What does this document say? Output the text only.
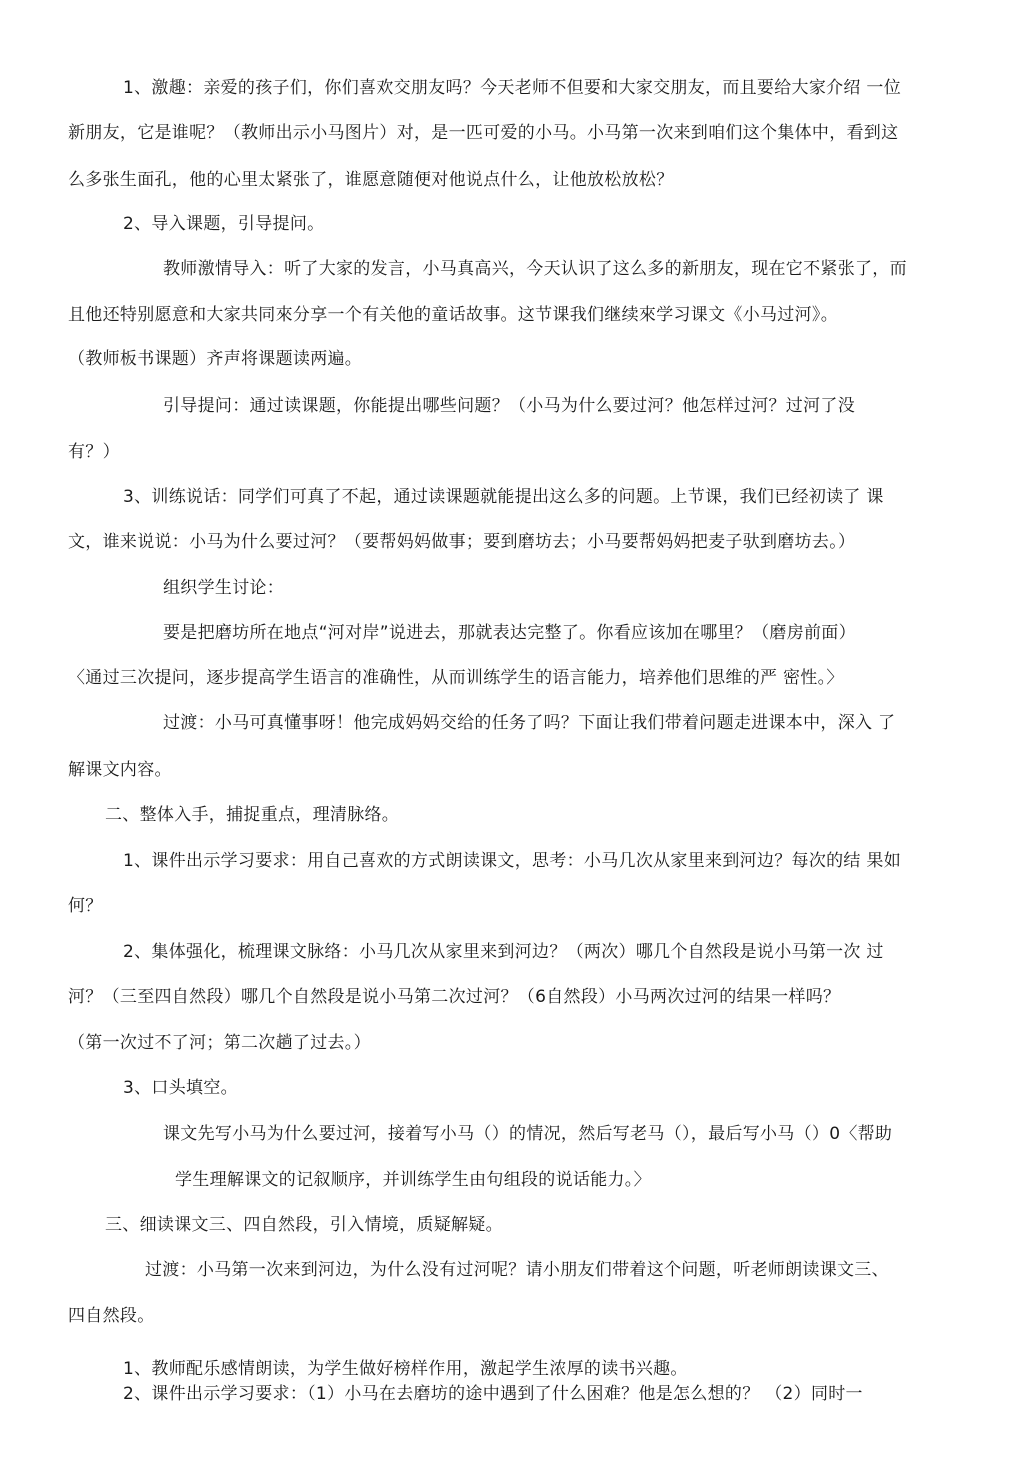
1、激趣：亲爱的孩子们，你们喜欢交朋友吗？今天老师不但要和大家交朋友，而且要给大家介绍 一位
新朋友，它是谁呢？（教师出示小马图片）对，是一匹可爱的小马。小马第一次来到咱们这个集体中，看到这
么多张生面孔，他的心里太紧张了，谁愿意随便对他说点什么，让他放松放松？
2、导入课题，引导提问。
教师激情导入：听了大家的发言，小马真高兴，今天认识了这么多的新朋友，现在它不紧张了，而
且他还特别愿意和大家共同來分享一个有关他的童话故事。这节课我们继续來学习课文《小马过河》。
（教师板书课题）齐声将课题读两遍。
引导提问：通过读课题，你能提出哪些问题？（小马为什么要过河？他怎样过河？过河了没
有？）
3、训练说话：同学们可真了不起，通过读课题就能提出这么多的问题。上节课，我们已经初读了 课
文，谁来说说：小马为什么要过河？（要帮妈妈做事；要到磨坊去；小马要帮妈妈把麦子驮到磨坊去。）
组织学生讨论：
要是把磨坊所在地点“河对岸”说进去，那就表达完整了。你看应该加在哪里？（磨房前面）
〈通过三次提问，逐步提高学生语言的准确性，从而训练学生的语言能力，培养他们思维的严 密性。〉
过渡：小马可真懂事呀！他完成妈妈交给的任务了吗？下面让我们带着问题走进课本中，深入 了
解课文内容。
二、整体入手，捕捉重点，理清脉络。
1、课件出示学习要求：用自己喜欢的方式朗读课文，思考：小马几次从家里来到河边？每次的结 果如
何？
2、集体强化，梳理课文脉络：小马几次从家里来到河边？（两次）哪几个自然段是说小马第一次 过
河？（三至四自然段）哪几个自然段是说小马第二次过河？（6自然段）小马两次过河的结果一样吗？
（第一次过不了河；第二次趟了过去。）
3、口头填空。
课文先写小马为什么要过河，接着写小马（）的情况，然后写老马（），最后写小马（）0〈帮助
学生理解课文的记叙顺序，并训练学生由句组段的说话能力。〉
三、细读课文三、四自然段，引入情境，质疑解疑。
过渡：小马第一次来到河边，为什么没有过河呢？请小朋友们带着这个问题，听老师朗读课文三、
四自然段。
1、教师配乐感情朗读，为学生做好榜样作用，激起学生浓厚的读书兴趣。
2、课件出示学习要求：（1）小马在去磨坊的途中遇到了什么困难？他是怎么想的？ （2）同时一
